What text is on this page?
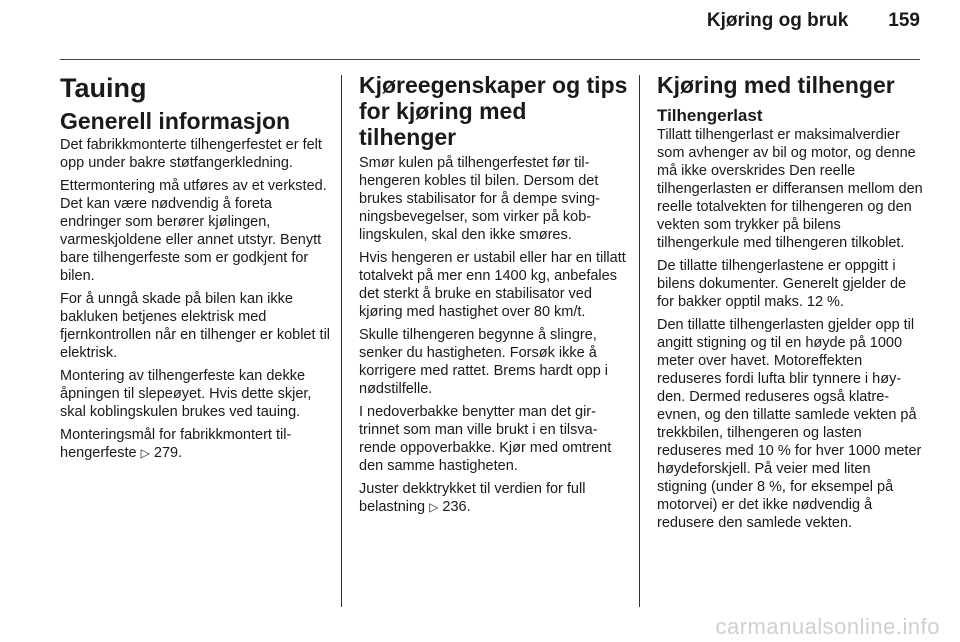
Kjøring og bruk 159
Tauing
Generell informasjon

Det fabrikkmonterte tilhengerfestet er felt opp under bakre støtfangerkledning.

Ettermontering må utføres av et verksted. Det kan være nødvendig å foreta endringer som berører kjølingen, varmeskjoldene eller annet utstyr. Benytt bare tilhengerfeste som er godkjent for bilen.

For å unngå skade på bilen kan ikke bakluken betjenes elektrisk med fjernkontrollen når en tilhenger er koblet til elektrisk.

Montering av tilhengerfeste kan dekke åpningen til slepeøyet. Hvis dette skjer, skal koblingskulen brukes ved tauing.

Monteringsmål for fabrikkmontert tilhengerfeste ▷ 279.

Kjøreegenskaper og tips for kjøring med tilhenger

Smør kulen på tilhengerfestet før tilhengeren kobles til bilen. Dersom det brukes stabilisator for å dempe svingningsbevegelser, som virker på koblingskulen, skal den ikke smøres.

Hvis hengeren er ustabil eller har en tillatt totalvekt på mer enn 1400 kg, anbefales det sterkt å bruke en stabilisator ved kjøring med hastighet over 80 km/t.

Skulle tilhengeren begynne å slingre, senker du hastigheten. Forsøk ikke å korrigere med rattet. Brems hardt opp i nødstilfelle.

I nedoverbakke benytter man det girtrinnet som man ville brukt i en tilsvarende oppoverbakke. Kjør med omtrent den samme hastigheten.

Juster dekktrykket til verdien for full belastning ▷ 236.

Kjøring med tilhenger
Tilhengerlast

Tillatt tilhengerlast er maksimalverdier som avhenger av bil og motor, og denne må ikke overskrides Den reelle tilhengerlasten er differansen mellom den reelle totalvekten for tilhengeren og den vekten som trykker på bilens tilhengerkule med tilhengeren tilkoblet.

De tillatte tilhengerlastene er oppgitt i bilens dokumenter. Generelt gjelder de for bakker opptil maks. 12 %.

Den tillatte tilhengerlasten gjelder opp til angitt stigning og til en høyde på 1000 meter over havet. Motoreffekten reduseres fordi lufta blir tynnere i høyden. Dermed reduseres også klatreevnen, og den tillatte samlede vekten på trekkbilen, tilhengeren og lasten reduseres med 10 % for hver 1000 meter høydeforskjell. På veier med liten stigning (under 8 %, for eksempel på motorvei) er det ikke nødvendig å redusere den samlede vekten.

carmanualsonline.info
